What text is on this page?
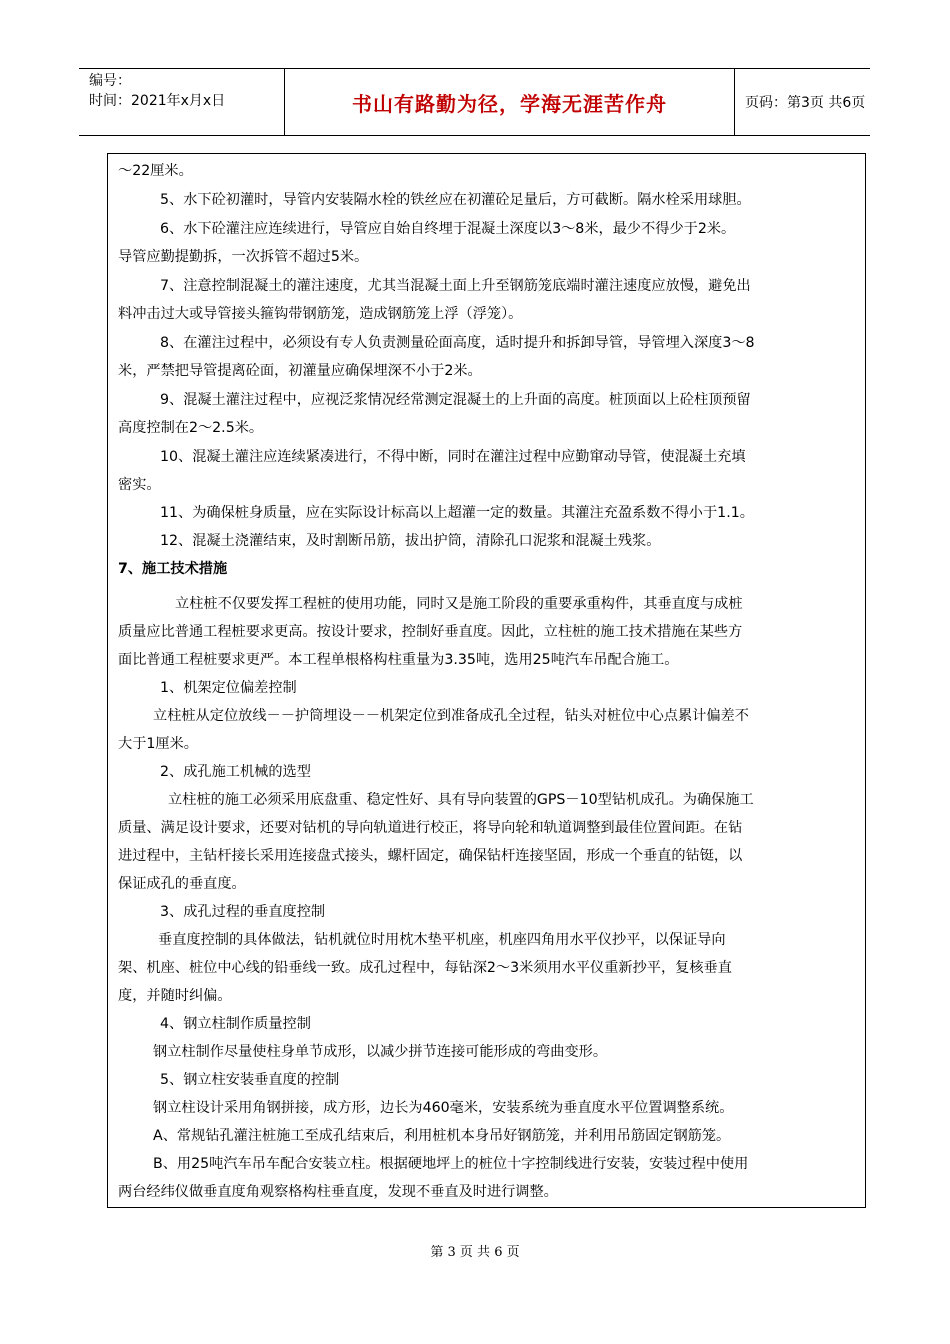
编号：
时间：2021年x月x日	书山有路勤为径，学海无涯苦作舟	页码：第3页 共6页

～22厘米。

5、水下砼初灌时，导管内安装隔水栓的铁丝应在初灌砼足量后，方可截断。隔水栓采用球胆。

6、水下砼灌注应连续进行，导管应自始自终埋于混凝土深度以3～8米，最少不得少于2米。

导管应勤提勤拆，一次拆管不超过5米。

7、注意控制混凝土的灌注速度，尤其当混凝土面上升至钢筋笼底端时灌注速度应放慢，避免出

料冲击过大或导管接头箍钩带钢筋笼，造成钢筋笼上浮（浮笼）。

8、在灌注过程中，必须设有专人负责测量砼面高度，适时提升和拆卸导管，导管埋入深度3～8

米，严禁把导管提离砼面，初灌量应确保埋深不小于2米。

9、混凝土灌注过程中，应视泛浆情况经常测定混凝土的上升面的高度。桩顶面以上砼柱顶预留

高度控制在2～2.5米。

10、混凝土灌注应连续紧凑进行，不得中断，同时在灌注过程中应勤窜动导管，使混凝土充填

密实。

11、为确保桩身质量，应在实际设计标高以上超灌一定的数量。其灌注充盈系数不得小于1.1。

12、混凝土浇灌结束，及时割断吊筋，拔出护筒，清除孔口泥浆和混凝土残浆。

7、施工技术措施

立柱桩不仅要发挥工程桩的使用功能，同时又是施工阶段的重要承重构件，其垂直度与成桩

质量应比普通工程桩要求更高。按设计要求，控制好垂直度。因此，立柱桩的施工技术措施在某些方

面比普通工程桩要求更严。本工程单根格构柱重量为3.35吨，选用25吨汽车吊配合施工。

1、机架定位偏差控制

立柱桩从定位放线－－护筒埋设－－机架定位到准备成孔全过程，钻头对桩位中心点累计偏差不

大于1厘米。

2、成孔施工机械的选型

立柱桩的施工必须采用底盘重、稳定性好、具有导向装置的GPS－10型钻机成孔。为确保施工

质量、满足设计要求，还要对钻机的导向轨道进行校正，将导向轮和轨道调整到最佳位置间距。在钻

进过程中，主钻杆接长采用连接盘式接头，螺杆固定，确保钻杆连接坚固，形成一个垂直的钻铤，以

保证成孔的垂直度。

3、成孔过程的垂直度控制

垂直度控制的具体做法，钻机就位时用枕木垫平机座，机座四角用水平仪抄平，以保证导向

架、机座、桩位中心线的铅垂线一致。成孔过程中，每钻深2～3米须用水平仪重新抄平，复核垂直

度，并随时纠偏。

4、钢立柱制作质量控制

钢立柱制作尽量使柱身单节成形，以减少拼节连接可能形成的弯曲变形。

5、钢立柱安装垂直度的控制

钢立柱设计采用角钢拼接，成方形，边长为460毫米，安装系统为垂直度水平位置调整系统。

A、常规钻孔灌注桩施工至成孔结束后，利用桩机本身吊好钢筋笼，并利用吊筋固定钢筋笼。

B、用25吨汽车吊车配合安装立柱。根据硬地坪上的桩位十字控制线进行安装，安装过程中使用

两台经纬仪做垂直度角观察格构柱垂直度，发现不垂直及时进行调整。

第 3 页 共 6 页
